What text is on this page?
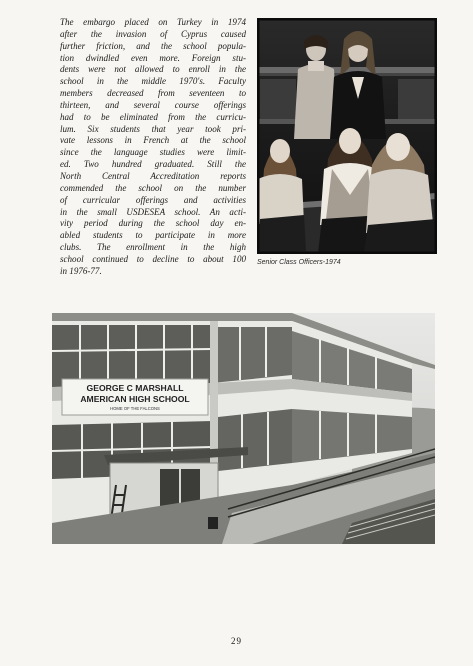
The embargo placed on Turkey in 1974
after the invasion of Cyprus caused
further friction, and the school popula-
tion dwindled even more. Foreign stu-
dents were not allowed to enroll in the
school in the middle 1970's. Faculty
members decreased from seventeen to
thirteen, and several course offerings
had to be eliminated from the curricu-
lum. Six students that year took pri-
vate lessons in French at the school
since the language studies were limit-
ed. Two hundred graduated. Still the
North Central Accreditation reports
commended the school on the number
of curricular offerings and activities
in the small USDESEA school. An acti-
vity period during the school day en-
abled students to participate in more
clubs. The enrollment in the high
school continued to decline to about 100
in 1976-77.

Senior Class Officers-1974

GEORGE C MARSHALL
AMERICAN HIGH SCHOOL
HOME OF THE FALCONS
29
